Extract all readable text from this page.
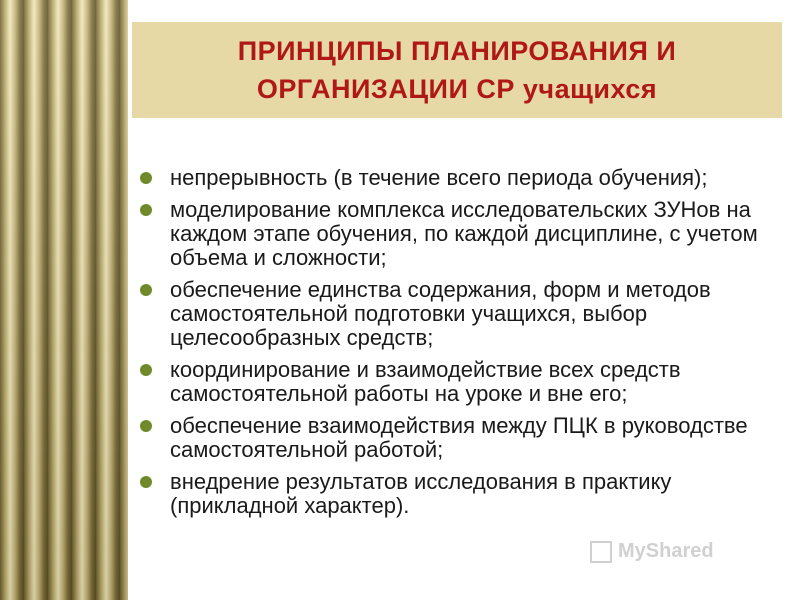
ПРИНЦИПЫ ПЛАНИРОВАНИЯ И
ОРГАНИЗАЦИИ СР учащихся
непрерывность (в течение всего периода обучения);
моделирование комплекса исследовательских ЗУНов на каждом этапе обучения, по каждой дисциплине, с учетом объема и сложности;
обеспечение единства содержания, форм и методов самостоятельной подготовки учащихся, выбор целесообразных средств;
координирование и взаимодействие всех средств самостоятельной работы на уроке и вне его;
обеспечение взаимодействия между ПЦК в руководстве самостоятельной работой;
внедрение результатов исследования в практику (прикладной характер).
MyShared
